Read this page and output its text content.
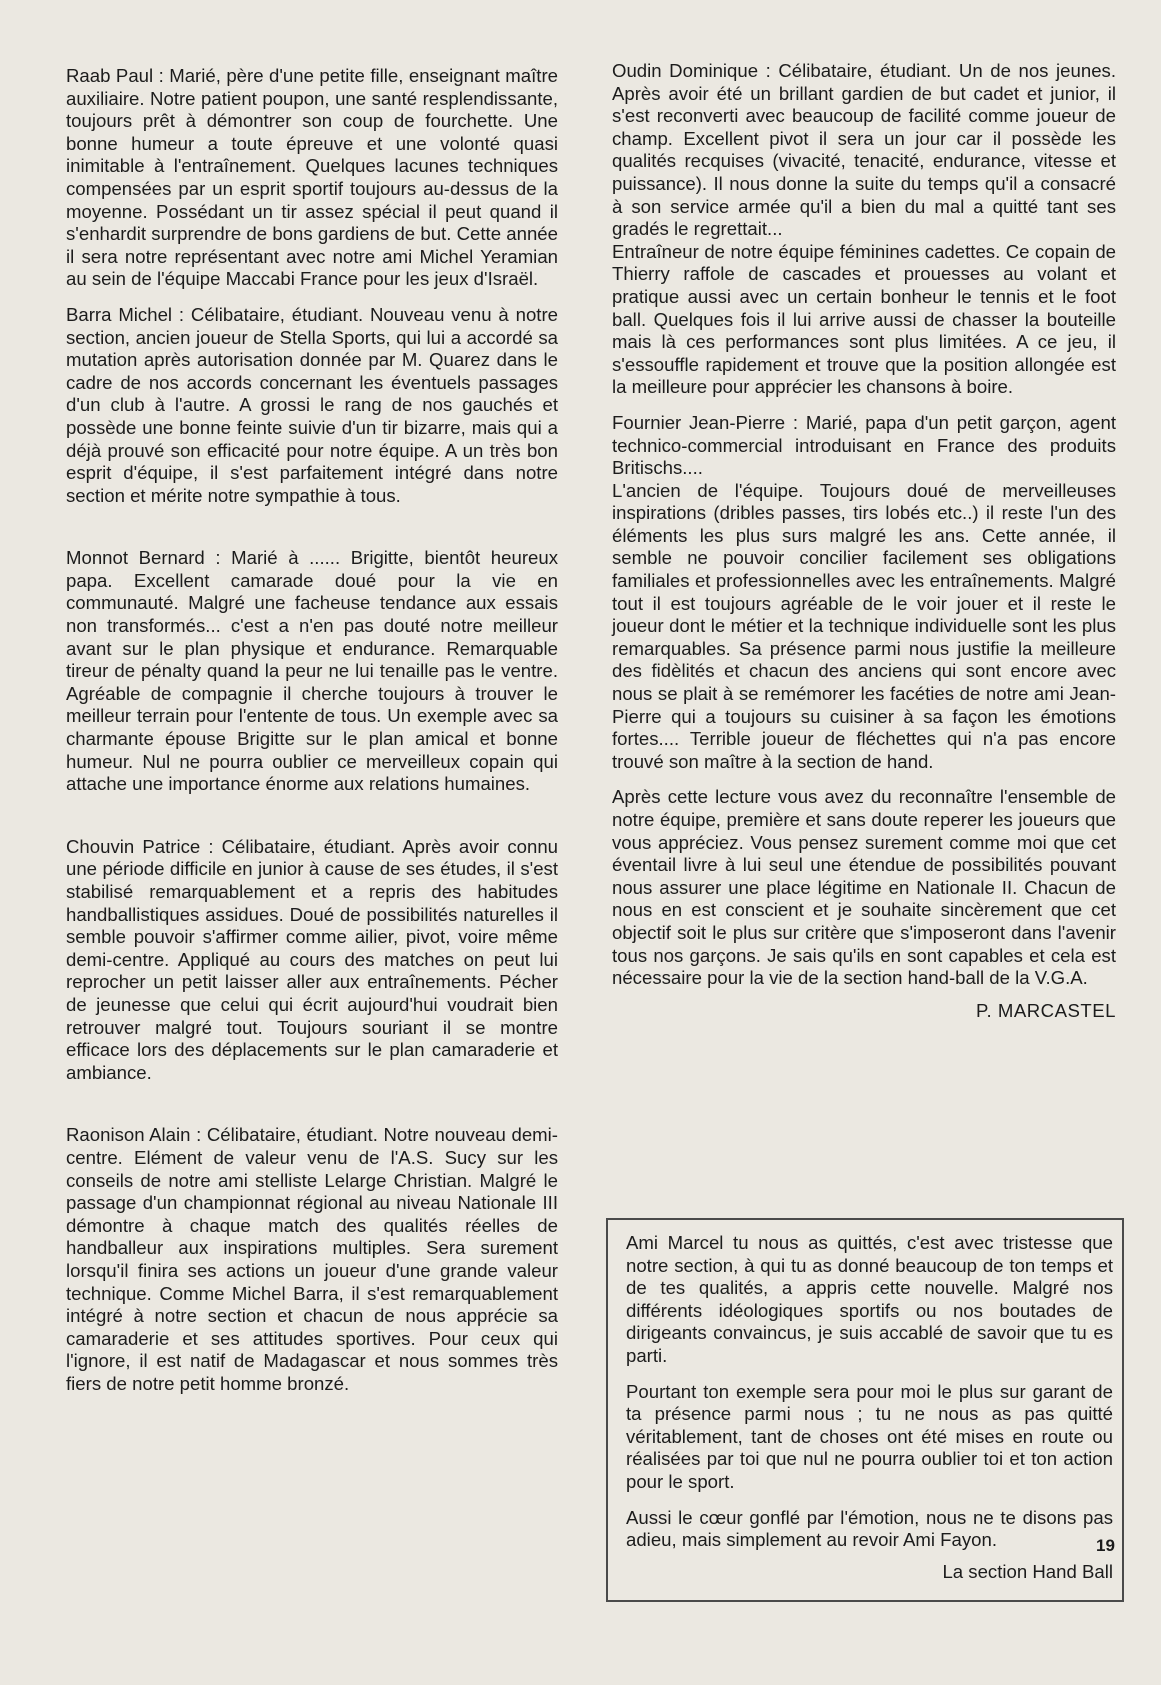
Raab Paul : Marié, père d'une petite fille, enseignant maître auxiliaire. Notre patient poupon, une santé resplendissante, toujours prêt à démontrer son coup de fourchette. Une bonne humeur a toute épreuve et une volonté quasi inimitable à l'entraînement. Quelques lacunes techniques compensées par un esprit sportif toujours au-dessus de la moyenne. Possédant un tir assez spécial il peut quand il s'enhardit surprendre de bons gardiens de but. Cette année il sera notre représentant avec notre ami Michel Yeramian au sein de l'équipe Maccabi France pour les jeux d'Israël.

Barra Michel : Célibataire, étudiant. Nouveau venu à notre section, ancien joueur de Stella Sports, qui lui a accordé sa mutation après autorisation donnée par M. Quarez dans le cadre de nos accords concernant les éventuels passages d'un club à l'autre. A grossi le rang de nos gauchés et possède une bonne feinte suivie d'un tir bizarre, mais qui a déjà prouvé son efficacité pour notre équipe. A un très bon esprit d'équipe, il s'est parfaitement intégré dans notre section et mérite notre sympathie à tous.

Monnot Bernard : Marié à ...... Brigitte, bientôt heureux papa. Excellent camarade doué pour la vie en communauté. Malgré une facheuse tendance aux essais non transformés... c'est a n'en pas douté notre meilleur avant sur le plan physique et endurance. Remarquable tireur de pénalty quand la peur ne lui tenaille pas le ventre. Agréable de compagnie il cherche toujours à trouver le meilleur terrain pour l'entente de tous. Un exemple avec sa charmante épouse Brigitte sur le plan amical et bonne humeur. Nul ne pourra oublier ce merveilleux copain qui attache une importance énorme aux relations humaines.

Chouvin Patrice : Célibataire, étudiant. Après avoir connu une période difficile en junior à cause de ses études, il s'est stabilisé remarquablement et a repris des habitudes handballistiques assidues. Doué de possibilités naturelles il semble pouvoir s'affirmer comme ailier, pivot, voire même demi-centre. Appliqué au cours des matches on peut lui reprocher un petit laisser aller aux entraînements. Pécher de jeunesse que celui qui écrit aujourd'hui voudrait bien retrouver malgré tout. Toujours souriant il se montre efficace lors des déplacements sur le plan camaraderie et ambiance.

Raonison Alain : Célibataire, étudiant. Notre nouveau demi-centre. Elément de valeur venu de l'A.S. Sucy sur les conseils de notre ami stelliste Lelarge Christian. Malgré le passage d'un championnat régional au niveau Nationale III démontre à chaque match des qualités réelles de handballeur aux inspirations multiples. Sera surement lorsqu'il finira ses actions un joueur d'une grande valeur technique. Comme Michel Barra, il s'est remarquablement intégré à notre section et chacun de nous apprécie sa camaraderie et ses attitudes sportives. Pour ceux qui l'ignore, il est natif de Madagascar et nous sommes très fiers de notre petit homme bronzé.

Oudin Dominique : Célibataire, étudiant. Un de nos jeunes. Après avoir été un brillant gardien de but cadet et junior, il s'est reconverti avec beaucoup de facilité comme joueur de champ. Excellent pivot il sera un jour car il possède les qualités recquises (vivacité, tenacité, endurance, vitesse et puissance). Il nous donne la suite du temps qu'il a consacré à son service armée qu'il a bien du mal a quitté tant ses gradés le regrettait...

Entraîneur de notre équipe féminines cadettes. Ce copain de Thierry raffole de cascades et prouesses au volant et pratique aussi avec un certain bonheur le tennis et le foot ball. Quelques fois il lui arrive aussi de chasser la bouteille mais là ces performances sont plus limitées. A ce jeu, il s'essouffle rapidement et trouve que la position allongée est la meilleure pour apprécier les chansons à boire.

Fournier Jean-Pierre : Marié, papa d'un petit garçon, agent technico-commercial introduisant en France des produits Britischs....

L'ancien de l'équipe. Toujours doué de merveilleuses inspirations (dribles passes, tirs lobés etc..) il reste l'un des éléments les plus surs malgré les ans. Cette année, il semble ne pouvoir concilier facilement ses obligations familiales et professionnelles avec les entraînements. Malgré tout il est toujours agréable de le voir jouer et il reste le joueur dont le métier et la technique individuelle sont les plus remarquables. Sa présence parmi nous justifie la meilleure des fidèlités et chacun des anciens qui sont encore avec nous se plait à se remémorer les facéties de notre ami Jean-Pierre qui a toujours su cuisiner à sa façon les émotions fortes.... Terrible joueur de fléchettes qui n'a pas encore trouvé son maître à la section de hand.

Après cette lecture vous avez du reconnaître l'ensemble de notre équipe, première et sans doute reperer les joueurs que vous appréciez. Vous pensez surement comme moi que cet éventail livre à lui seul une étendue de possibilités pouvant nous assurer une place légitime en Nationale II. Chacun de nous en est conscient et je souhaite sincèrement que cet objectif soit le plus sur critère que s'imposeront dans l'avenir tous nos garçons. Je sais qu'ils en sont capables et cela est nécessaire pour la vie de la section hand-ball de la V.G.A.

P. MARCASTEL

Ami Marcel tu nous as quittés, c'est avec tristesse que notre section, à qui tu as donné beaucoup de ton temps et de tes qualités, a appris cette nouvelle. Malgré nos différents idéologiques sportifs ou nos boutades de dirigeants convaincus, je suis accablé de savoir que tu es parti.

Pourtant ton exemple sera pour moi le plus sur garant de ta présence parmi nous ; tu ne nous as pas quitté véritablement, tant de choses ont été mises en route ou réalisées par toi que nul ne pourra oublier toi et ton action pour le sport.

Aussi le cœur gonflé par l'émotion, nous ne te disons pas adieu, mais simplement au revoir Ami Fayon.

La section Hand Ball
19
